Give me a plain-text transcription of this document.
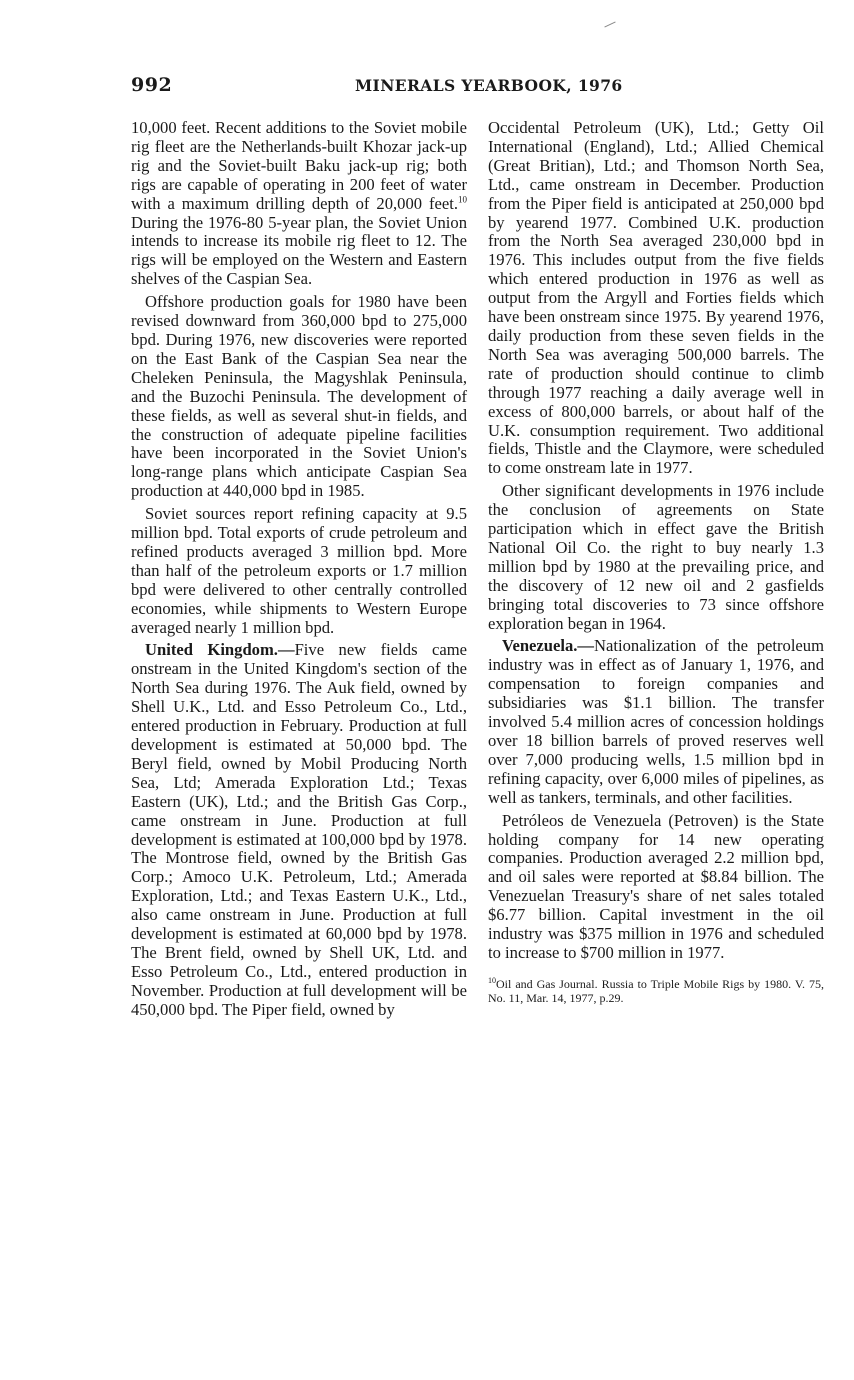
992	MINERALS YEARBOOK, 1976

10,000 feet. Recent additions to the Soviet mobile rig fleet are the Netherlands-built Khozar jack-up rig and the Soviet-built Baku jack-up rig; both rigs are capable of operating in 200 feet of water with a maximum drilling depth of 20,000 feet.$^{10}$ During the 1976-80 5-year plan, the Soviet Union intends to increase its mobile rig fleet to 12. The rigs will be employed on the Western and Eastern shelves of the Caspian Sea.

Offshore production goals for 1980 have been revised downward from 360,000 bpd to 275,000 bpd. During 1976, new discoveries were reported on the East Bank of the Caspian Sea near the Cheleken Peninsula, the Magyshlak Peninsula, and the Buzochi Peninsula. The development of these fields, as well as several shut-in fields, and the construction of adequate pipeline facilities have been incorporated in the Soviet Union's long-range plans which anticipate Caspian Sea production at 440,000 bpd in 1985.

Soviet sources report refining capacity at 9.5 million bpd. Total exports of crude petroleum and refined products averaged 3 million bpd. More than half of the petroleum exports or 1.7 million bpd were delivered to other centrally controlled economies, while shipments to Western Europe averaged nearly 1 million bpd.

United Kingdom.—Five new fields came onstream in the United Kingdom's section of the North Sea during 1976. The Auk field, owned by Shell U.K., Ltd. and Esso Petroleum Co., Ltd., entered production in February. Production at full development is estimated at 50,000 bpd. The Beryl field, owned by Mobil Producing North Sea, Ltd; Amerada Exploration Ltd.; Texas Eastern (UK), Ltd.; and the British Gas Corp., came onstream in June. Production at full development is estimated at 100,000 bpd by 1978. The Montrose field, owned by the British Gas Corp.; Amoco U.K. Petroleum, Ltd.; Amerada Exploration, Ltd.; and Texas Eastern U.K., Ltd., also came onstream in June. Production at full development is estimated at 60,000 bpd by 1978. The Brent field, owned by Shell UK, Ltd. and Esso Petroleum Co., Ltd., entered production in November. Production at full development will be 450,000 bpd. The Piper field, owned by

Occidental Petroleum (UK), Ltd.; Getty Oil International (England), Ltd.; Allied Chemical (Great Britian), Ltd.; and Thomson North Sea, Ltd., came onstream in December. Production from the Piper field is anticipated at 250,000 bpd by yearend 1977. Combined U.K. production from the North Sea averaged 230,000 bpd in 1976. This includes output from the five fields which entered production in 1976 as well as output from the Argyll and Forties fields which have been onstream since 1975. By yearend 1976, daily production from these seven fields in the North Sea was averaging 500,000 barrels. The rate of production should continue to climb through 1977 reaching a daily average well in excess of 800,000 barrels, or about half of the U.K. consumption requirement. Two additional fields, Thistle and the Claymore, were scheduled to come onstream late in 1977.

Other significant developments in 1976 include the conclusion of agreements on State participation which in effect gave the British National Oil Co. the right to buy nearly 1.3 million bpd by 1980 at the prevailing price, and the discovery of 12 new oil and 2 gasfields bringing total discoveries to 73 since offshore exploration began in 1964.

Venezuela.—Nationalization of the petroleum industry was in effect as of January 1, 1976, and compensation to foreign companies and subsidiaries was $1.1 billion. The transfer involved 5.4 million acres of concession holdings over 18 billion barrels of proved reserves well over 7,000 producing wells, 1.5 million bpd in refining capacity, over 6,000 miles of pipelines, as well as tankers, terminals, and other facilities.

Petróleos de Venezuela (Petroven) is the State holding company for 14 new operating companies. Production averaged 2.2 million bpd, and oil sales were reported at $8.84 billion. The Venezuelan Treasury's share of net sales totaled $6.77 billion. Capital investment in the oil industry was $375 million in 1976 and scheduled to increase to $700 million in 1977.

$^{10}$Oil and Gas Journal. Russia to Triple Mobile Rigs by 1980. V. 75, No. 11, Mar. 14, 1977, p.29.
